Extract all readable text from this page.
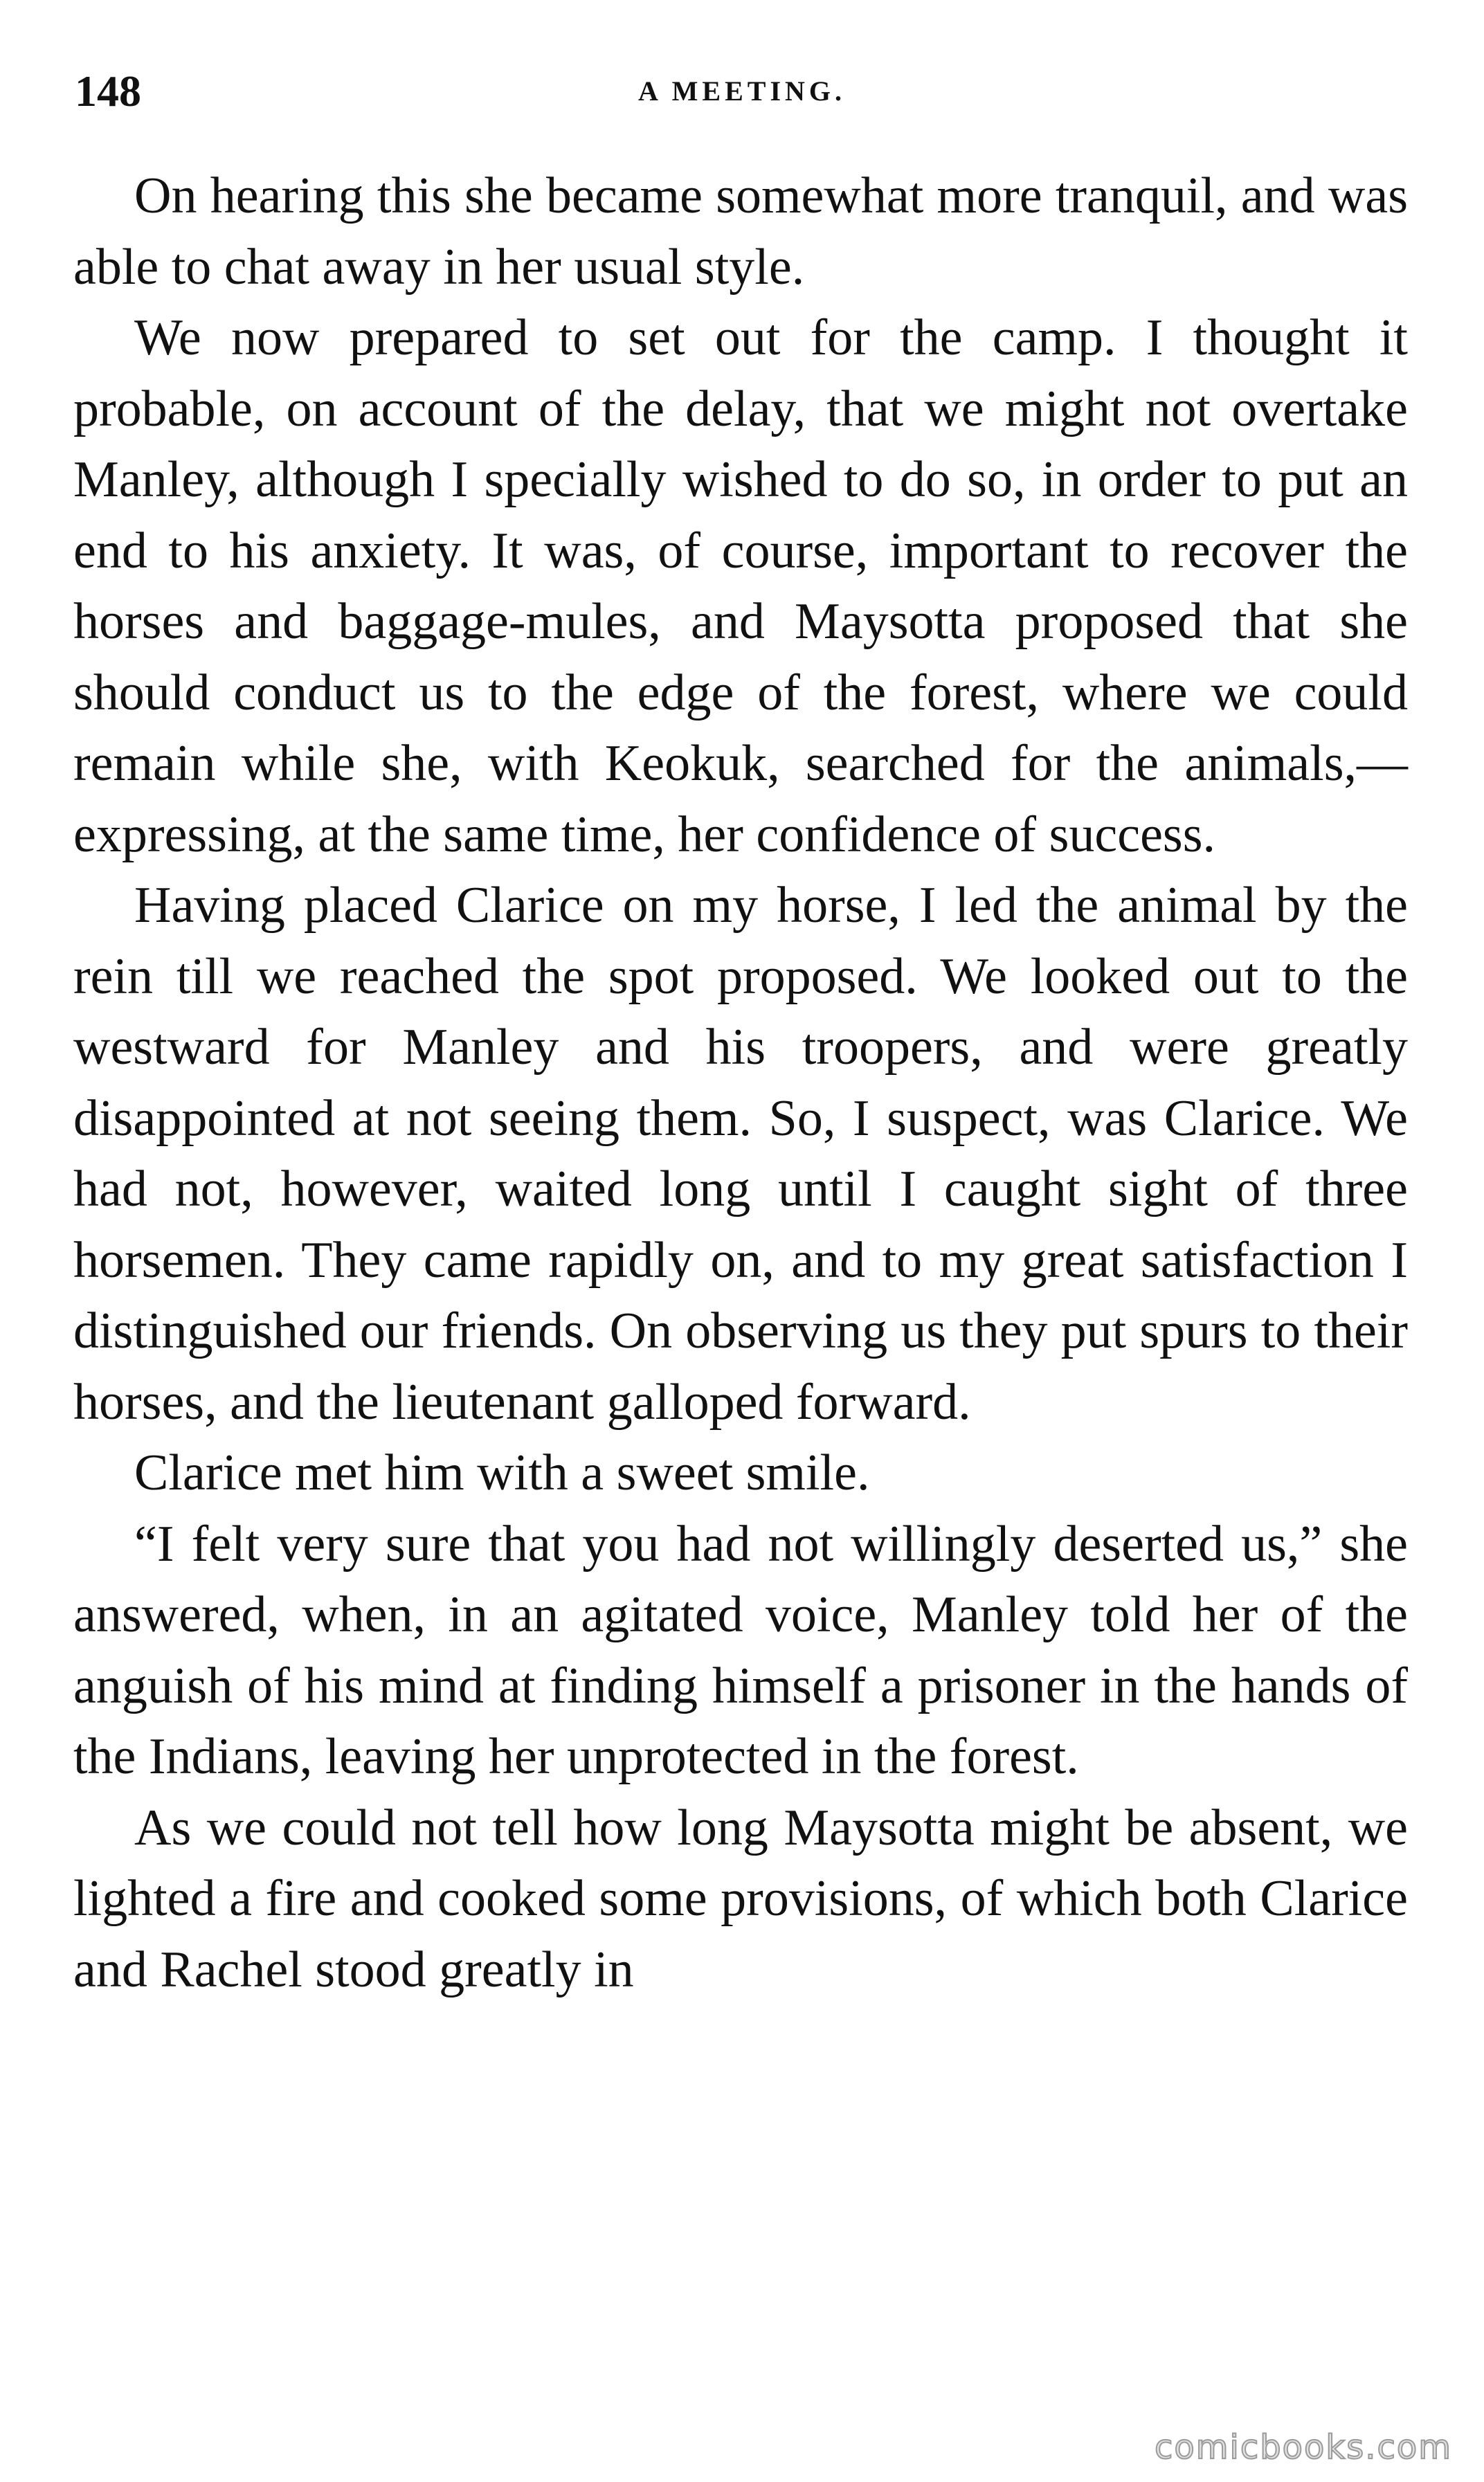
148	A MEETING.

On hearing this she became somewhat more tranquil, and was able to chat away in her usual style.

We now prepared to set out for the camp. I thought it probable, on account of the delay, that we might not overtake Manley, although I specially wished to do so, in order to put an end to his anxiety. It was, of course, important to recover the horses and baggage-mules, and Maysotta proposed that she should conduct us to the edge of the forest, where we could remain while she, with Keokuk, searched for the animals,—expressing, at the same time, her confidence of success.

Having placed Clarice on my horse, I led the animal by the rein till we reached the spot proposed. We looked out to the westward for Manley and his troopers, and were greatly disappointed at not seeing them. So, I suspect, was Clarice. We had not, however, waited long until I caught sight of three horsemen. They came rapidly on, and to my great satisfaction I distinguished our friends. On observing us they put spurs to their horses, and the lieutenant galloped forward.

Clarice met him with a sweet smile.

“I felt very sure that you had not willingly deserted us,” she answered, when, in an agitated voice, Manley told her of the anguish of his mind at finding himself a prisoner in the hands of the Indians, leaving her unprotected in the forest.

As we could not tell how long Maysotta might be absent, we lighted a fire and cooked some provisions, of which both Clarice and Rachel stood greatly in

comicbooks.com
